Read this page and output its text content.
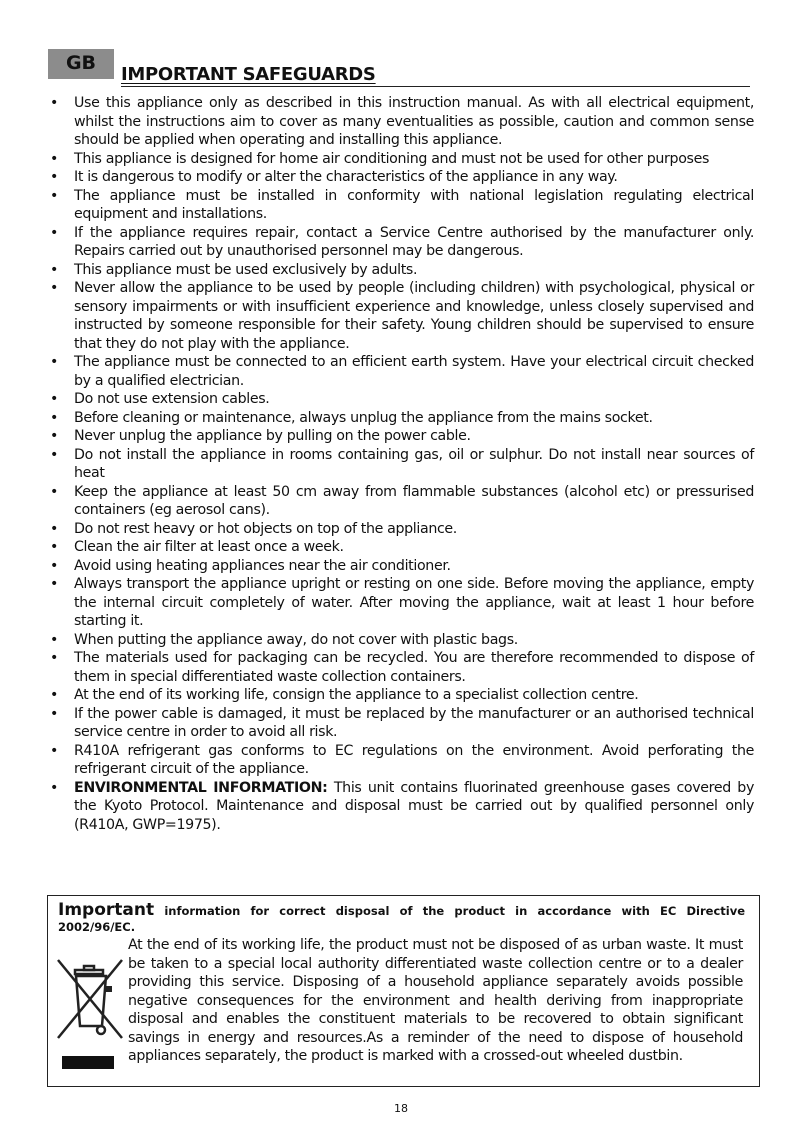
GB
IMPORTANT SAFEGUARDS
• Use this appliance only as described in this instruction manual. As with all electrical equipment, whilst the instructions aim to cover as many eventualities as possible, caution and common sense should be applied when operating and installing this appliance.
• This appliance is designed for home air conditioning and must not be used for other purposes
• It is dangerous to modify or alter the characteristics of the appliance in any way.
• The appliance must be installed in conformity with national legislation regulating electrical equipment and installations.
• If the appliance requires repair, contact a Service Centre authorised by the manufacturer only. Repairs carried out by unauthorised personnel may be dangerous.
• This appliance must be used exclusively by adults.
• Never allow the appliance to be used by people (including children) with psychological, physical or sensory impairments or with insufficient experience and knowledge, unless closely supervised and instructed by someone responsible for their safety. Young children should be supervised to ensure that they do not play with the appliance.
• The appliance must be connected to an efficient earth system. Have your electrical circuit checked by a qualified electrician.
• Do not use extension cables.
• Before cleaning or maintenance, always unplug the appliance from the mains socket.
• Never unplug the appliance by pulling on the power cable.
• Do not install the appliance in rooms containing gas, oil or sulphur. Do not install near sources of heat
• Keep the appliance at least 50 cm away from flammable substances (alcohol etc) or pressurised containers (eg aerosol cans).
• Do not rest heavy or hot objects on top of the appliance.
• Clean the air filter at least once a week.
• Avoid using heating appliances near the air conditioner.
• Always transport the appliance upright or resting on one side. Before moving the appliance, empty the internal circuit completely of water. After moving the appliance, wait at least 1 hour before starting it.
• When putting the appliance away, do not cover with plastic bags.
• The materials used for packaging can be recycled. You are therefore recommended to dispose of them in special differentiated waste collection containers.
• At the end of its working life, consign the appliance to a specialist collection centre.
• If the power cable is damaged, it must be replaced by the manufacturer or an authorised technical service centre in order to avoid all risk.
• R410A refrigerant gas conforms to EC regulations on the environment. Avoid perforating the refrigerant circuit of the appliance.
• ENVIRONMENTAL INFORMATION: This unit contains fluorinated greenhouse gases covered by the Kyoto Protocol. Maintenance and disposal must be carried out by qualified personnel only (R410A, GWP=1975).
Important information for correct disposal of the product in accordance with EC Directive
2002/96/EC.
At the end of its working life, the product must not be disposed of as urban waste. It must be taken to a special local authority differentiated waste collection centre or to a dealer providing this service. Disposing of a household appliance separately avoids possible negative consequences for the environment and health deriving from inappropriate disposal and enables the constituent materials to be recovered to obtain significant savings in energy and resources.As a reminder of the need to dispose of household appliances separately, the product is marked with a crossed-out wheeled dustbin.
18
